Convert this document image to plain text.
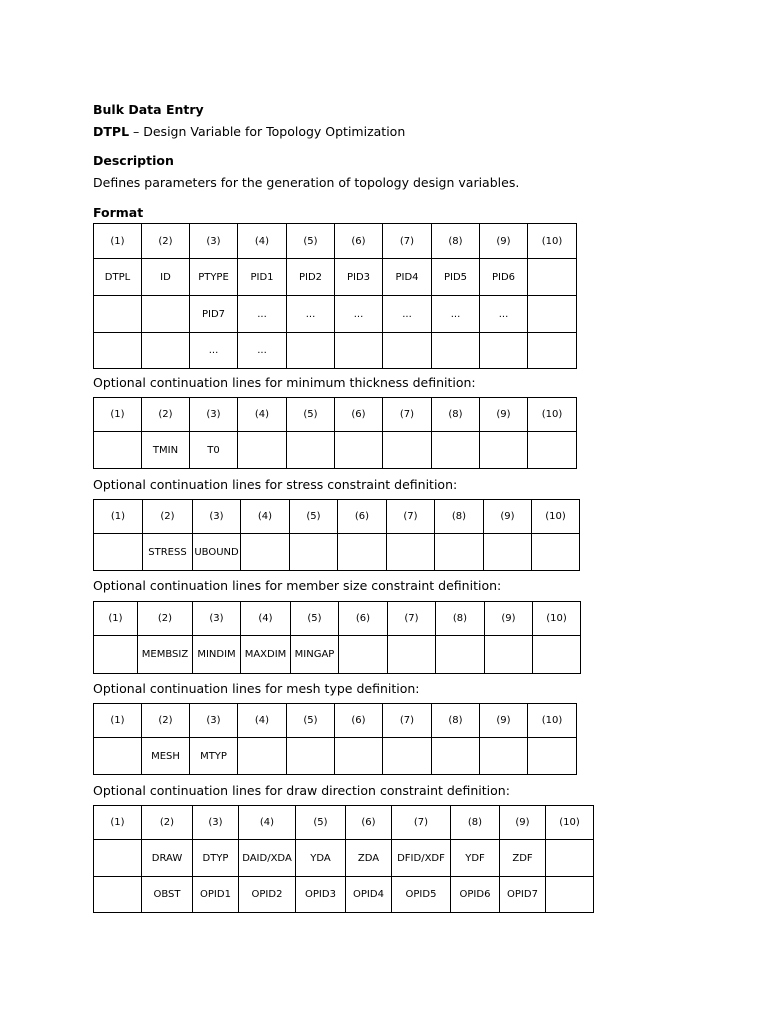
Bulk Data Entry
DTPL – Design Variable for Topology Optimization
Description
Defines parameters for the generation of topology design variables.
Format
(1)	(2)	(3)	(4)	(5)	(6)	(7)	(8)	(9)	(10)
DTPL	ID	PTYPE	PID1	PID2	PID3	PID4	PID5	PID6	
		PID7	...	...	...	...	...	...	
		...	...						
Optional continuation lines for minimum thickness definition:
(1)	(2)	(3)	(4)	(5)	(6)	(7)	(8)	(9)	(10)
	TMIN	T0							
Optional continuation lines for stress constraint definition:
(1)	(2)	(3)	(4)	(5)	(6)	(7)	(8)	(9)	(10)
	STRESS	UBOUND							
Optional continuation lines for member size constraint definition:
(1)	(2)	(3)	(4)	(5)	(6)	(7)	(8)	(9)	(10)
	MEMBSIZ	MINDIM	MAXDIM	MINGAP					
Optional continuation lines for mesh type definition:
(1)	(2)	(3)	(4)	(5)	(6)	(7)	(8)	(9)	(10)
	MESH	MTYP							
Optional continuation lines for draw direction constraint definition:
(1)	(2)	(3)	(4)	(5)	(6)	(7)	(8)	(9)	(10)
	DRAW	DTYP	DAID/XDA	YDA	ZDA	DFID/XDF	YDF	ZDF	
	OBST	OPID1	OPID2	OPID3	OPID4	OPID5	OPID6	OPID7	
